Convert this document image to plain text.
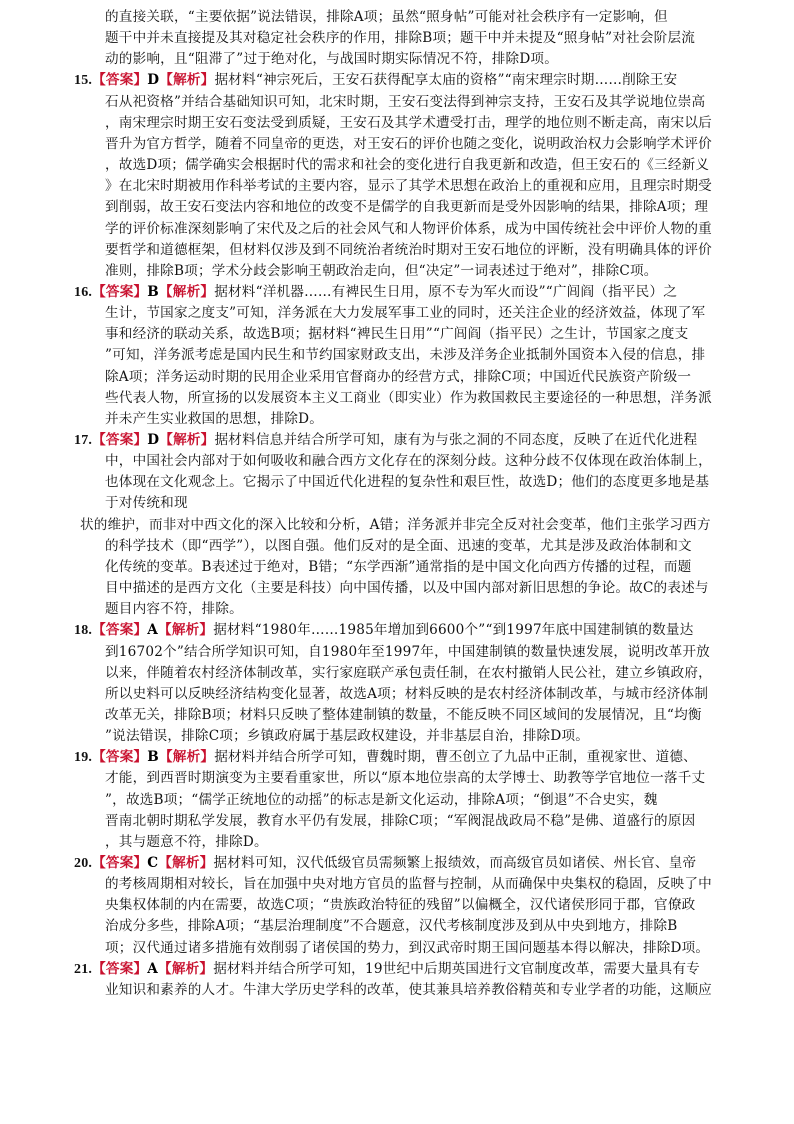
的直接关联，“主要依据”说法错误，排除A项；虽然“照身帖”可能对社会秩序有一定影响，但
题干中并未直接提及其对稳定社会秩序的作用，排除B项；题干中并未提及“照身帖”对社会阶层流
动的影响，且“阻滞了”过于绝对化，与战国时期实际情况不符，排除D项。
15.【答案】D【解析】据材料“神宗死后，王安石获得配享太庙的资格”“南宋理宗时期……削除王安
石从祀资格”并结合基础知识可知，北宋时期，王安石变法得到神宗支持，王安石及其学说地位崇高
，南宋理宗时期王安石变法受到质疑，王安石及其学术遭受打击，理学的地位则不断走高，南宋以后
晋升为官方哲学，随着不同皇帝的更迭，对王安石的评价也随之变化，说明政治权力会影响学术评价
，故选D项；儒学确实会根据时代的需求和社会的变化进行自我更新和改造，但王安石的《三经新义
》在北宋时期被用作科举考试的主要内容，显示了其学术思想在政治上的重视和应用，且理宗时期受
到削弱，故王安石变法内容和地位的改变不是儒学的自我更新而是受外因影响的结果，排除A项；理
学的评价标准深刻影响了宋代及之后的社会风气和人物评价体系，成为中国传统社会中评价人物的重
要哲学和道德框架，但材料仅涉及到不同统治者统治时期对王安石地位的评断，没有明确具体的评价
准则，排除B项；学术分歧会影响王朝政治走向，但“决定”一词表述过于绝对”，排除C项。
16.【答案】B【解析】据材料“洋机器……有裨民生日用，原不专为军火而设”“广闾阎（指平民）之
生计，节国家之度支”可知，洋务派在大力发展军事工业的同时，还关注企业的经济效益，体现了军
事和经济的联动关系，故选B项；据材料“裨民生日用”“广闾阎（指平民）之生计，节国家之度支
”可知，洋务派考虑是国内民生和节约国家财政支出，未涉及洋务企业抵制外国资本入侵的信息，排
除A项；洋务运动时期的民用企业采用官督商办的经营方式，排除C项；中国近代民族资产阶级一
些代表人物，所宣扬的以发展资本主义工商业（即实业）作为救国救民主要途径的一种思想，洋务派
并未产生实业救国的思想，排除D。
17.【答案】D【解析】据材料信息并结合所学可知，康有为与张之洞的不同态度，反映了在近代化进程
中，中国社会内部对于如何吸收和融合西方文化存在的深刻分歧。这种分歧不仅体现在政治体制上，
也体现在文化观念上。它揭示了中国近代化进程的复杂性和艰巨性，故选D；他们的态度更多地是基
于对传统和现
状的维护，而非对中西文化的深入比较和分析，A错；洋务派并非完全反对社会变革，他们主张学习西方
的科学技术（即“西学”），以图自强。他们反对的是全面、迅速的变革，尤其是涉及政治体制和文
化传统的变革。B表述过于绝对，B错；“东学西渐”通常指的是中国文化向西方传播的过程，而题
目中描述的是西方文化（主要是科技）向中国传播，以及中国内部对新旧思想的争论。故C的表述与
题目内容不符，排除。
18.【答案】A【解析】据材料“1980年……1985年增加到6600个”“到1997年底中国建制镇的数量达
到16702个”结合所学知识可知，自1980年至1997年，中国建制镇的数量快速发展，说明改革开放
以来，伴随着农村经济体制改革，实行家庭联产承包责任制，在农村撤销人民公社，建立乡镇政府，
所以史料可以反映经济结构变化显著，故选A项；材料反映的是农村经济体制改革，与城市经济体制
改革无关，排除B项；材料只反映了整体建制镇的数量，不能反映不同区域间的发展情况，且“均衡
”说法错误，排除C项；乡镇政府属于基层政权建设，并非基层自治，排除D项。
19.【答案】B【解析】据材料并结合所学可知，曹魏时期，曹丕创立了九品中正制，重视家世、道德、
才能，到西晋时期演变为主要看重家世，所以“原本地位崇高的太学博士、助教等学官地位一落千丈
”，故选B项；“儒学正统地位的动摇”的标志是新文化运动，排除A项；“倒退”不合史实，魏
晋南北朝时期私学发展，教育水平仍有发展，排除C项；“军阀混战政局不稳”是佛、道盛行的原因
，其与题意不符，排除D。
20.【答案】C【解析】据材料可知，汉代低级官员需频繁上报绩效，而高级官员如诸侯、州长官、皇帝
的考核周期相对较长，旨在加强中央对地方官员的监督与控制，从而确保中央集权的稳固，反映了中
央集权体制的内在需要，故选C项；“贵族政治特征的残留”以偏概全，汉代诸侯形同于郡，官僚政
治成分多些，排除A项；“基层治理制度”不合题意，汉代考核制度涉及到从中央到地方，排除B
项；汉代通过诸多措施有效削弱了诸侯国的势力，到汉武帝时期王国问题基本得以解决，排除D项。
21.【答案】A【解析】据材料并结合所学可知，19世纪中后期英国进行文官制度改革，需要大量具有专
业知识和素养的人才。牛津大学历史学科的改革，使其兼具培养教俗精英和专业学者的功能，这顺应
